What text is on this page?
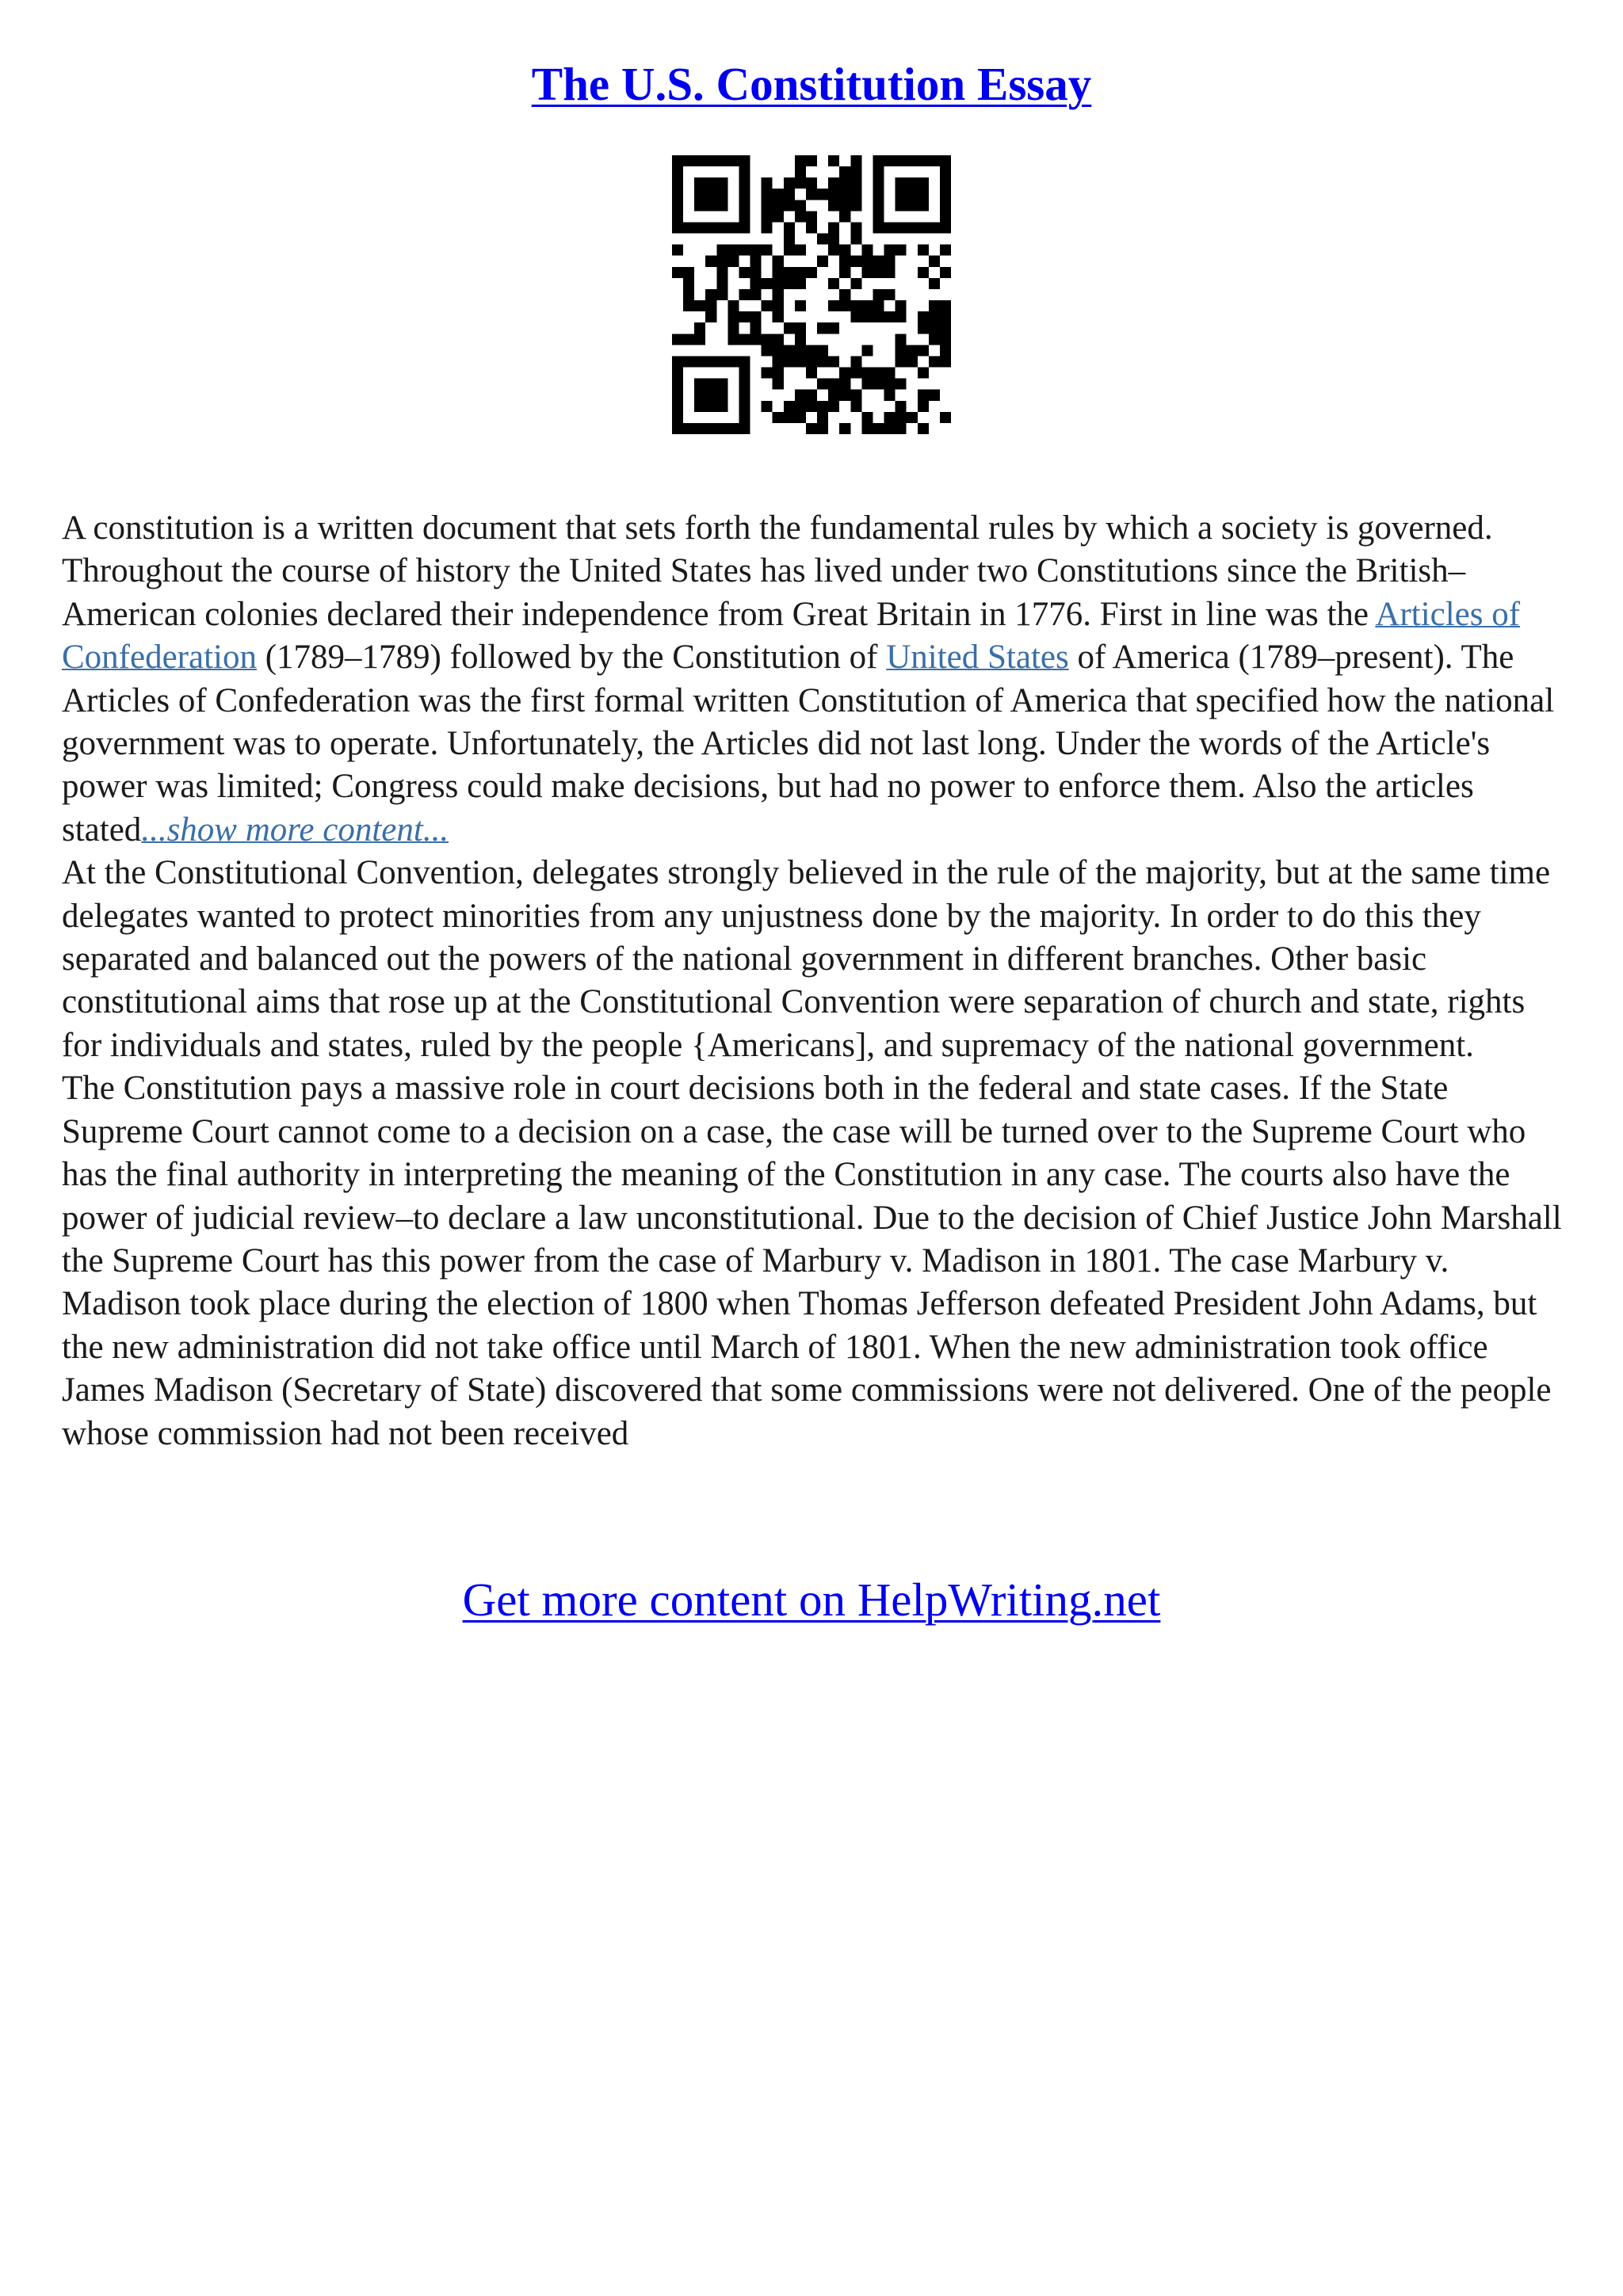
The U.S. Constitution Essay

A constitution is a written document that sets forth the fundamental rules by which a society is governed. Throughout the course of history the United States has lived under two Constitutions since the British–American colonies declared their independence from Great Britain in 1776. First in line was the Articles of Confederation (1789–1789) followed by the Constitution of United States of America (1789–present). The Articles of Confederation was the first formal written Constitution of America that specified how the national government was to operate. Unfortunately, the Articles did not last long. Under the words of the Article's power was limited; Congress could make decisions, but had no power to enforce them. Also the articles stated...show more content...

At the Constitutional Convention, delegates strongly believed in the rule of the majority, but at the same time delegates wanted to protect minorities from any unjustness done by the majority. In order to do this they separated and balanced out the powers of the national government in different branches. Other basic constitutional aims that rose up at the Constitutional Convention were separation of church and state, rights for individuals and states, ruled by the people {Americans], and supremacy of the national government.

The Constitution pays a massive role in court decisions both in the federal and state cases. If the State Supreme Court cannot come to a decision on a case, the case will be turned over to the Supreme Court who has the final authority in interpreting the meaning of the Constitution in any case. The courts also have the power of judicial review–to declare a law unconstitutional. Due to the decision of Chief Justice John Marshall the Supreme Court has this power from the case of Marbury v. Madison in 1801. The case Marbury v. Madison took place during the election of 1800 when Thomas Jefferson defeated President John Adams, but the new administration did not take office until March of 1801. When the new administration took office James Madison (Secretary of State) discovered that some commissions were not delivered. One of the people whose commission had not been received

Get more content on HelpWriting.net
